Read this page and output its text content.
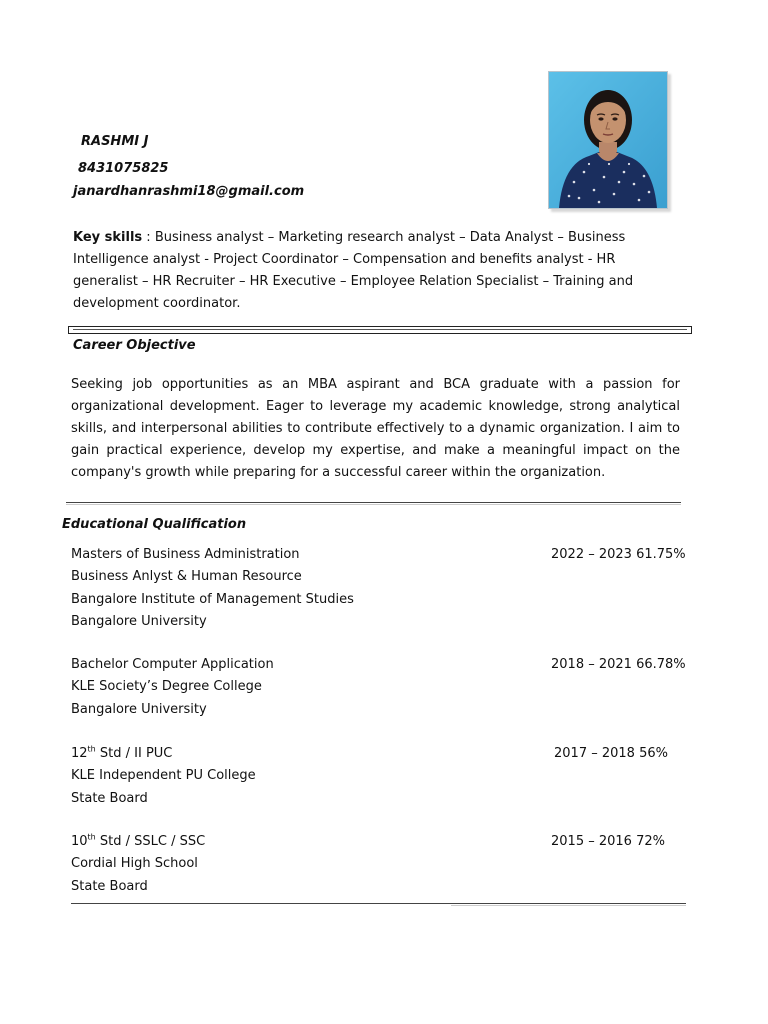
RASHMI J
8431075825
janardhanrashmi18@gmail.com
Key skills : Business analyst – Marketing research analyst – Data Analyst – Business Intelligence analyst - Project Coordinator – Compensation and benefits analyst - HR generalist – HR Recruiter – HR Executive – Employee Relation Specialist – Training and development coordinator.
Career Objective
Seeking job opportunities as an MBA aspirant and BCA graduate with a passion for organizational development. Eager to leverage my academic knowledge, strong analytical skills, and interpersonal abilities to contribute effectively to a dynamic organization. I aim to gain practical experience, develop my expertise, and make a meaningful impact on the company's growth while preparing for a successful career within the organization.
Educational Qualification
Masters of Business Administration	2022 – 2023 61.75%
Business Anlyst & Human Resource
Bangalore Institute of Management Studies
Bangalore University
Bachelor Computer Application	2018 – 2021 66.78%
KLE Society’s Degree College
Bangalore University
12th Std / II PUC	2017 – 2018 56%
KLE Independent PU College
State Board
10th Std / SSLC / SSC	2015 – 2016 72%
Cordial High School
State Board
